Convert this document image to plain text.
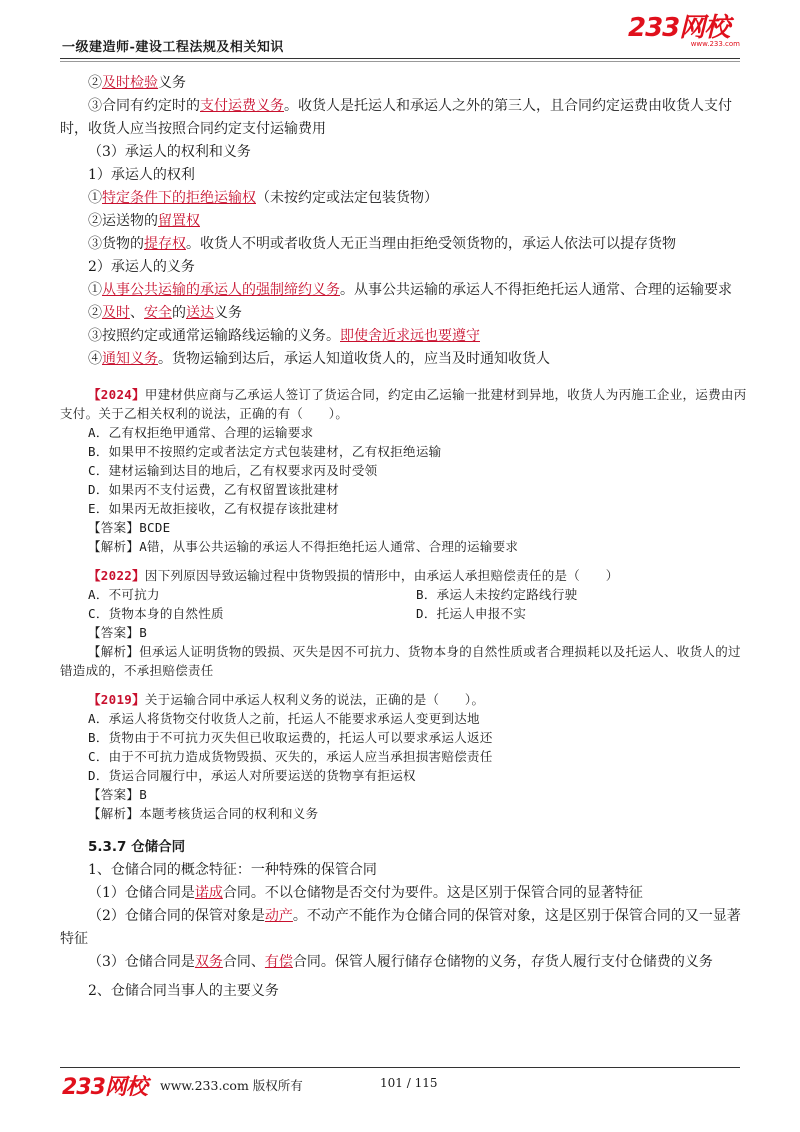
一级建造师-建设工程法规及相关知识
233网校
www.233.com

②及时检验义务

③合同有约定时的支付运费义务。收货人是托运人和承运人之外的第三人，且合同约定运费由收货人支付时，收货人应当按照合同约定支付运输费用

（3）承运人的权利和义务

1）承运人的权利

①特定条件下的拒绝运输权（未按约定或法定包装货物）

②运送物的留置权

③货物的提存权。收货人不明或者收货人无正当理由拒绝受领货物的，承运人依法可以提存货物

2）承运人的义务

①从事公共运输的承运人的强制缔约义务。从事公共运输的承运人不得拒绝托运人通常、合理的运输要求

②及时、安全的送达义务

③按照约定或通常运输路线运输的义务。即使舍近求远也要遵守

④通知义务。货物运输到达后，承运人知道收货人的，应当及时通知收货人

【2024】甲建材供应商与乙承运人签订了货运合同，约定由乙运输一批建材到异地，收货人为丙施工企业，运费由丙支付。关于乙相关权利的说法，正确的有（　　）。

A．乙有权拒绝甲通常、合理的运输要求

B．如果甲不按照约定或者法定方式包装建材，乙有权拒绝运输

C．建材运输到达目的地后，乙有权要求丙及时受领

D．如果丙不支付运费，乙有权留置该批建材

E．如果丙无故拒接收，乙有权提存该批建材

【答案】BCDE

【解析】A错，从事公共运输的承运人不得拒绝托运人通常、合理的运输要求

【2022】因下列原因导致运输过程中货物毁损的情形中，由承运人承担赔偿责任的是（　　）

A．不可抗力	B．承运人未按约定路线行驶
C．货物本身的自然性质	D．托运人申报不实

【答案】B

【解析】但承运人证明货物的毁损、灭失是因不可抗力、货物本身的自然性质或者合理损耗以及托运人、收货人的过错造成的，不承担赔偿责任

【2019】关于运输合同中承运人权利义务的说法，正确的是（　　）。

A．承运人将货物交付收货人之前，托运人不能要求承运人变更到达地

B．货物由于不可抗力灭失但已收取运费的，托运人可以要求承运人返还

C．由于不可抗力造成货物毁损、灭失的，承运人应当承担损害赔偿责任

D．货运合同履行中，承运人对所要运送的货物享有拒运权

【答案】B

【解析】本题考核货运合同的权利和义务

5.3.7 仓储合同

1、仓储合同的概念特征：一种特殊的保管合同

（1）仓储合同是诺成合同。不以仓储物是否交付为要件。这是区别于保管合同的显著特征

（2）仓储合同的保管对象是动产。不动产不能作为仓储合同的保管对象，这是区别于保管合同的又一显著特征

（3）仓储合同是双务合同、有偿合同。保管人履行储存仓储物的义务，存货人履行支付仓储费的义务

2、仓储合同当事人的主要义务

233网校 www.233.com 版权所有	101 / 115
